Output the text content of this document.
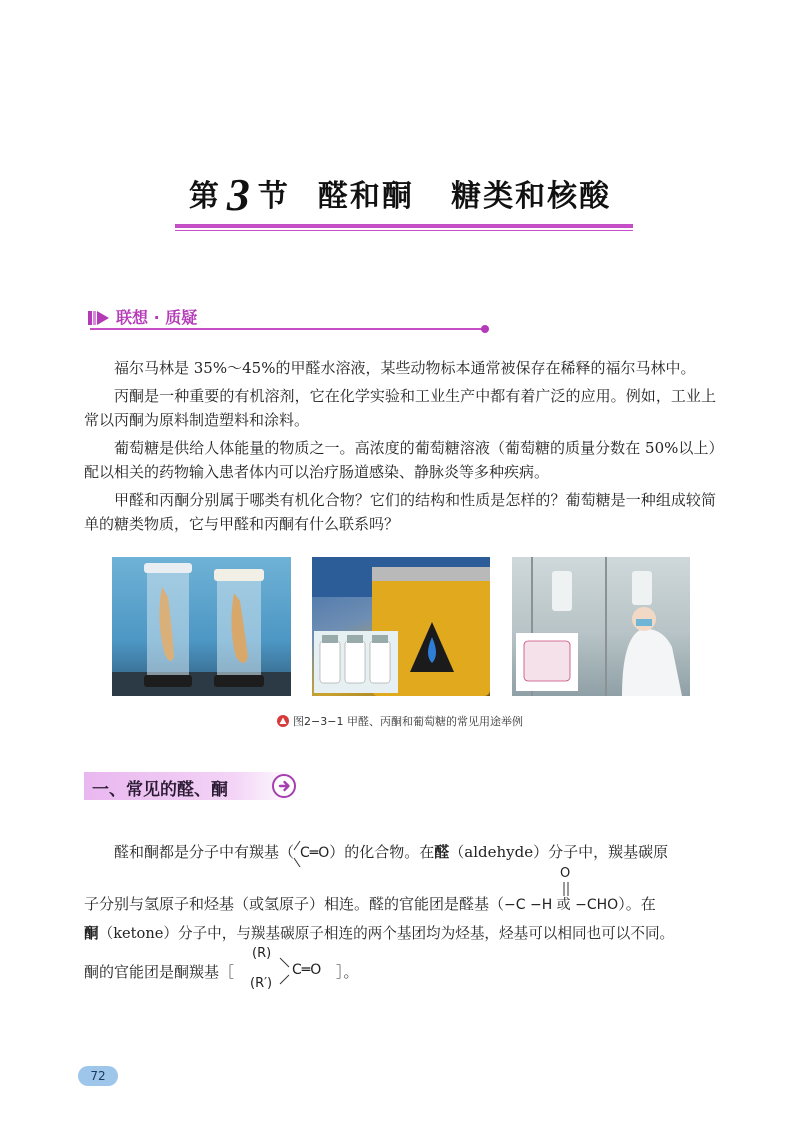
第 3 节 醛和酮   糖类和核酸
联想 · 质疑
福尔马林是 35%～45%的甲醛水溶液，某些动物标本通常被保存在稀释的福尔马林中。
丙酮是一种重要的有机溶剂，它在化学实验和工业生产中都有着广泛的应用。例如，工业上常以丙酮为原料制造塑料和涂料。
葡萄糖是供给人体能量的物质之一。高浓度的葡萄糖溶液（葡萄糖的质量分数在 50%以上）配以相关的药物输入患者体内可以治疗肠道感染、静脉炎等多种疾病。
甲醛和丙酮分别属于哪类有机化合物？它们的结构和性质是怎样的？葡萄糖是一种组成较简单的糖类物质，它与甲醛和丙酮有什么联系吗？
图2−3−1 甲醛、丙酮和葡萄糖的常见用途举例
一、常见的醛、酮
醛和酮都是分子中有羰基（ C═O）的化合物。在醛（aldehyde）分子中，羰基碳原
O
子分别与氢原子和烃基（或氢原子）相连。醛的官能团是醛基（−C −H 或 −CHO）。在
酮（ketone）分子中，与羰基碳原子相连的两个基团均为烃基，烃基可以相同也可以不同。
酮的官能团是酮羰基［
(R)
(R′)
C═O ］。
72
